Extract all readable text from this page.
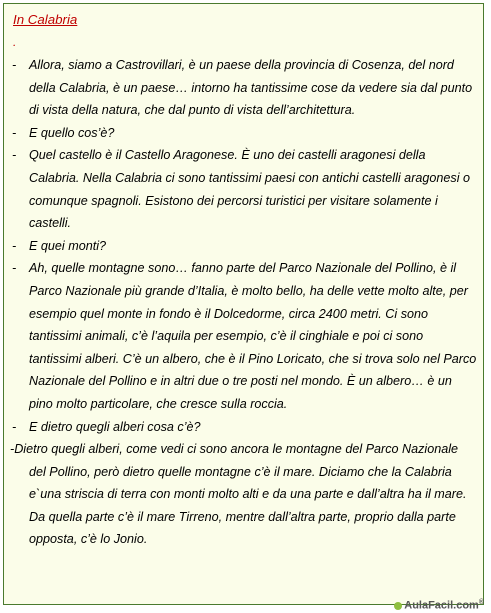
In Calabria
.
- Allora, siamo a Castrovillari, è un paese della provincia di Cosenza, del nord della Calabria, è un paese… intorno ha tantissime cose da vedere sia dal punto di vista della natura, che dal punto di vista dell’architettura.
- E quello cos’è?
- Quel castello è il Castello Aragonese. È uno dei castelli aragonesi della Calabria. Nella Calabria ci sono tantissimi paesi con antichi castelli aragonesi o comunque spagnoli. Esistono dei percorsi turistici per visitare solamente i castelli.
- E quei monti?
- Ah, quelle montagne sono… fanno parte del Parco Nazionale del Pollino, è il Parco Nazionale più grande d’Italia, è molto bello, ha delle vette molto alte, per esempio quel monte in fondo è il Dolcedorme, circa 2400 metri. Ci sono tantissimi animali, c’è l’aquila per esempio, c’è il cinghiale e poi ci sono tantissimi alberi. C’è un albero, che è il Pino Loricato, che si trova solo nel Parco Nazionale del Pollino e in altri due o tre posti nel mondo. È un albero… è un pino molto particolare, che cresce sulla roccia.
- E dietro quegli alberi cosa c’è?
-Dietro quegli alberi, come vedi ci sono ancora le montagne del Parco Nazionale del Pollino, però dietro quelle montagne c’è il mare. Diciamo che la Calabria e`una striscia di terra con monti molto alti e da una parte e dall’altra ha il mare. Da quella parte c’è il mare Tirreno, mentre dall’altra parte, proprio dalla parte opposta, c’è lo Jonio.
AulaFacil.com®
